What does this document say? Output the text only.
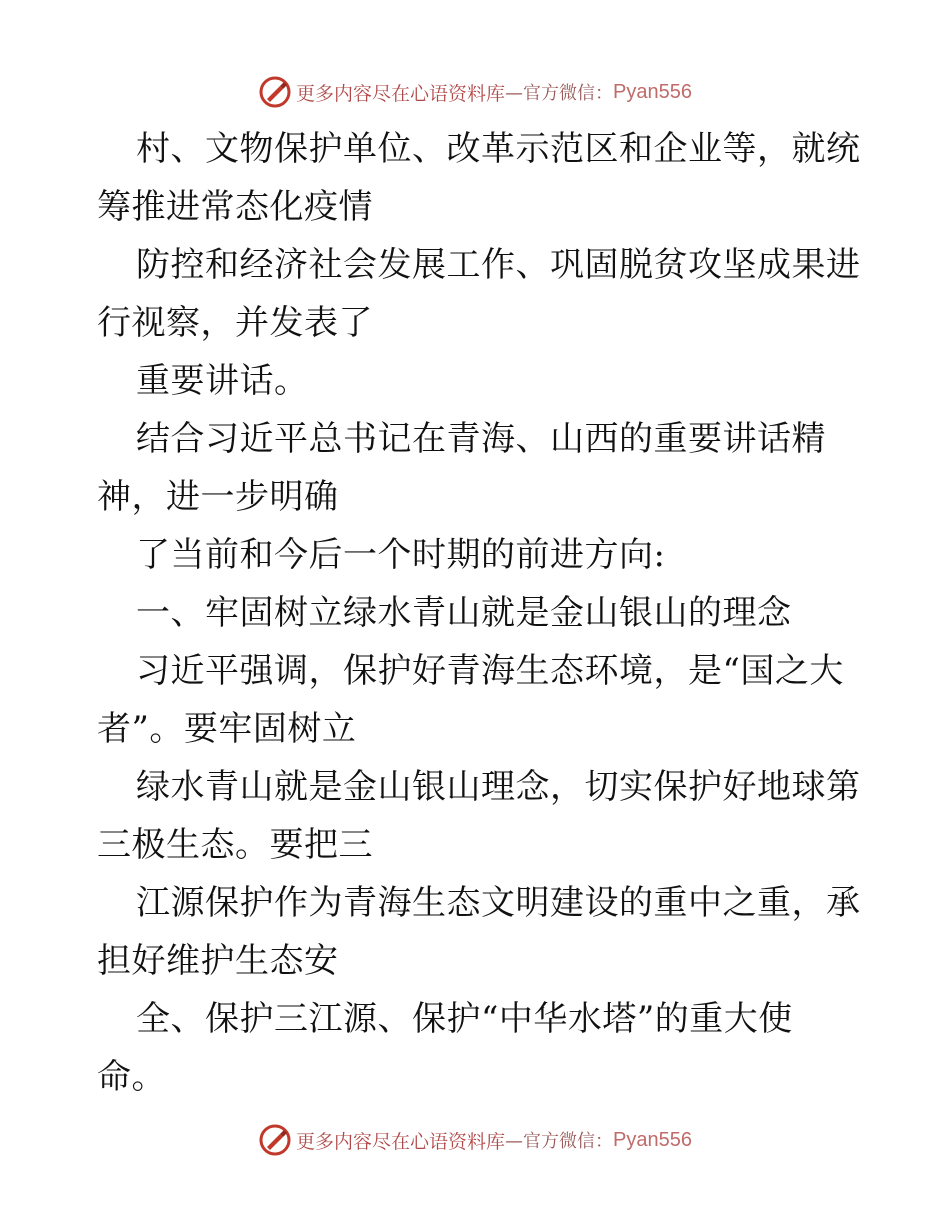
更多内容尽在心语资料库 —官方微信： Pyan556
村、文物保护单位、改革示范区和企业等，就统
筹推进常态化疫情
防控和经济社会发展工作、巩固脱贫攻坚成果进
行视察，并发表了
重要讲话。
结合习近平总书记在青海、山西的重要讲话精
神，进一步明确
了当前和今后一个时期的前进方向:
一、牢固树立绿水青山就是金山银山的理念
习近平强调，保护好青海生态环境，是“国之大
者”。要牢固树立
绿水青山就是金山银山理念，切实保护好地球第
三极生态。要把三
江源保护作为青海生态文明建设的重中之重，承
担好维护生态安
全、保护三江源、保护“中华水塔”的重大使
命。
更多内容尽在心语资料库 —官方微信： Pyan556
